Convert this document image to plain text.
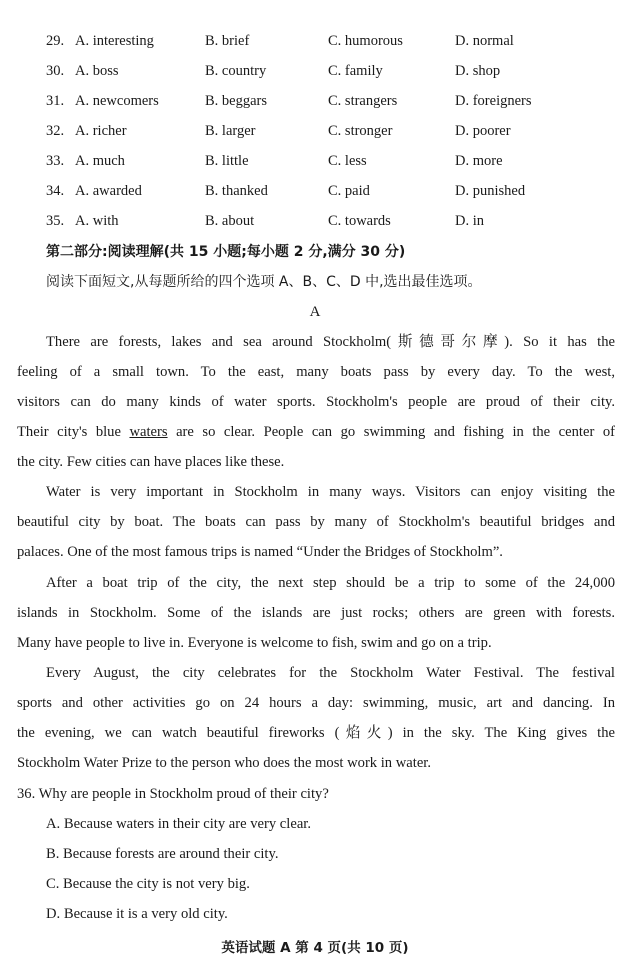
29. A. interesting	B. brief	C. humorous	D. normal
30. A. boss	B. country	C. family	D. shop
31. A. newcomers	B. beggars	C. strangers	D. foreigners
32. A. richer	B. larger	C. stronger	D. poorer
33. A. much	B. little	C. less	D. more
34. A. awarded	B. thanked	C. paid	D. punished
35. A. with	B. about	C. towards	D. in
第二部分:阅读理解(共 15 小题;每小题 2 分,满分 30 分)
阅读下面短文,从每题所给的四个选项 A、B、C、D 中,选出最佳选项。
A
There are forests, lakes and sea around Stockholm(斯德哥尔摩). So it has the
feeling of a small town. To the east, many boats pass by every day. To the west,
visitors can do many kinds of water sports. Stockholm's people are proud of their city.
Their city's blue waters are so clear. People can go swimming and fishing in the center of
the city. Few cities can have places like these.
Water is very important in Stockholm in many ways. Visitors can enjoy visiting the
beautiful city by boat. The boats can pass by many of Stockholm's beautiful bridges and
palaces. One of the most famous trips is named “Under the Bridges of Stockholm”.
After a boat trip of the city, the next step should be a trip to some of the 24,000
islands in Stockholm. Some of the islands are just rocks; others are green with forests.
Many have people to live in. Everyone is welcome to fish, swim and go on a trip.
Every August, the city celebrates for the Stockholm Water Festival. The festival
sports and other activities go on 24 hours a day: swimming, music, art and dancing. In
the evening, we can watch beautiful fireworks (焰火) in the sky. The King gives the
Stockholm Water Prize to the person who does the most work in water.
36. Why are people in Stockholm proud of their city?
A. Because waters in their city are very clear.
B. Because forests are around their city.
C. Because the city is not very big.
D. Because it is a very old city.
英语试题 A 第 4 页(共 10 页)
